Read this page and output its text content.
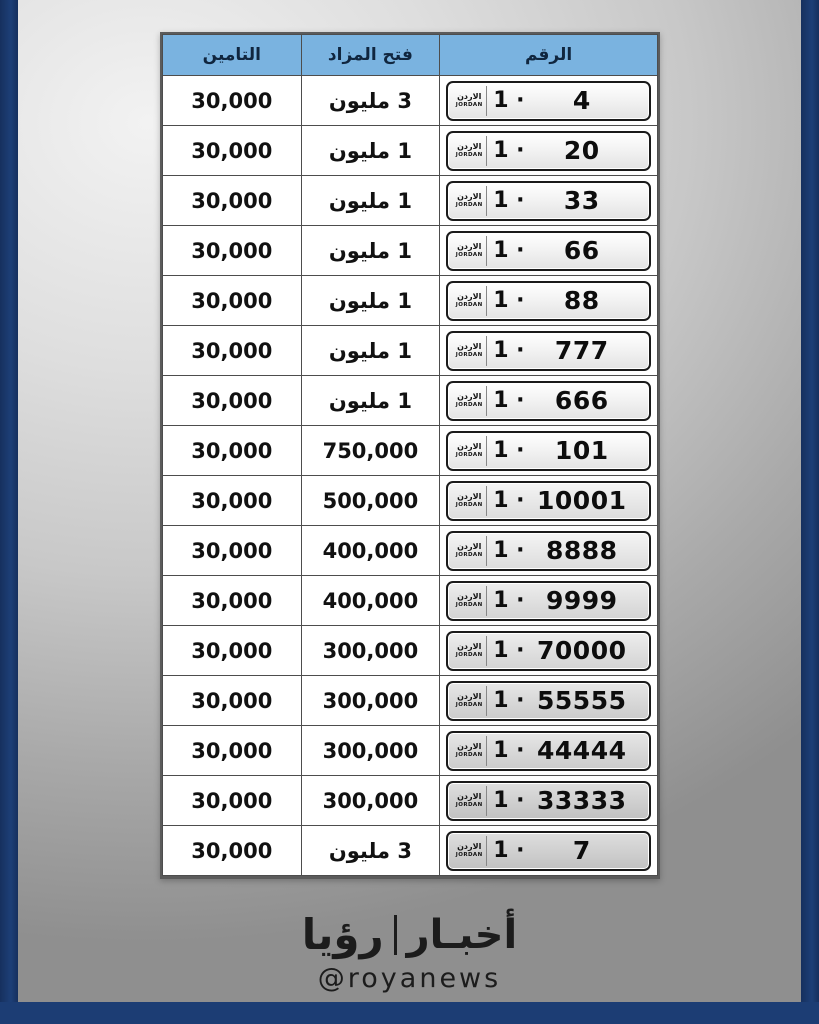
الرقم	فتح المزاد	التامين

الاردن
JORDAN 1 · 4	3 مليون	30,000

الاردن
JORDAN 1 · 20	1 مليون	30,000

الاردن
JORDAN 1 · 33	1 مليون	30,000

الاردن
JORDAN 1 · 66	1 مليون	30,000

الاردن
JORDAN 1 · 88	1 مليون	30,000

الاردن
JORDAN 1 · 777	1 مليون	30,000

الاردن
JORDAN 1 · 666	1 مليون	30,000

الاردن
JORDAN 1 · 101	750,000	30,000

الاردن
JORDAN 1 · 10001	500,000	30,000

الاردن
JORDAN 1 · 8888	400,000	30,000

الاردن
JORDAN 1 · 9999	400,000	30,000

الاردن
JORDAN 1 · 70000	300,000	30,000

الاردن
JORDAN 1 · 55555	300,000	30,000

الاردن
JORDAN 1 · 44444	300,000	30,000

الاردن
JORDAN 1 · 33333	300,000	30,000

الاردن
JORDAN 1 · 7	3 مليون	30,000
أخبـار
رؤيا
@royanews
